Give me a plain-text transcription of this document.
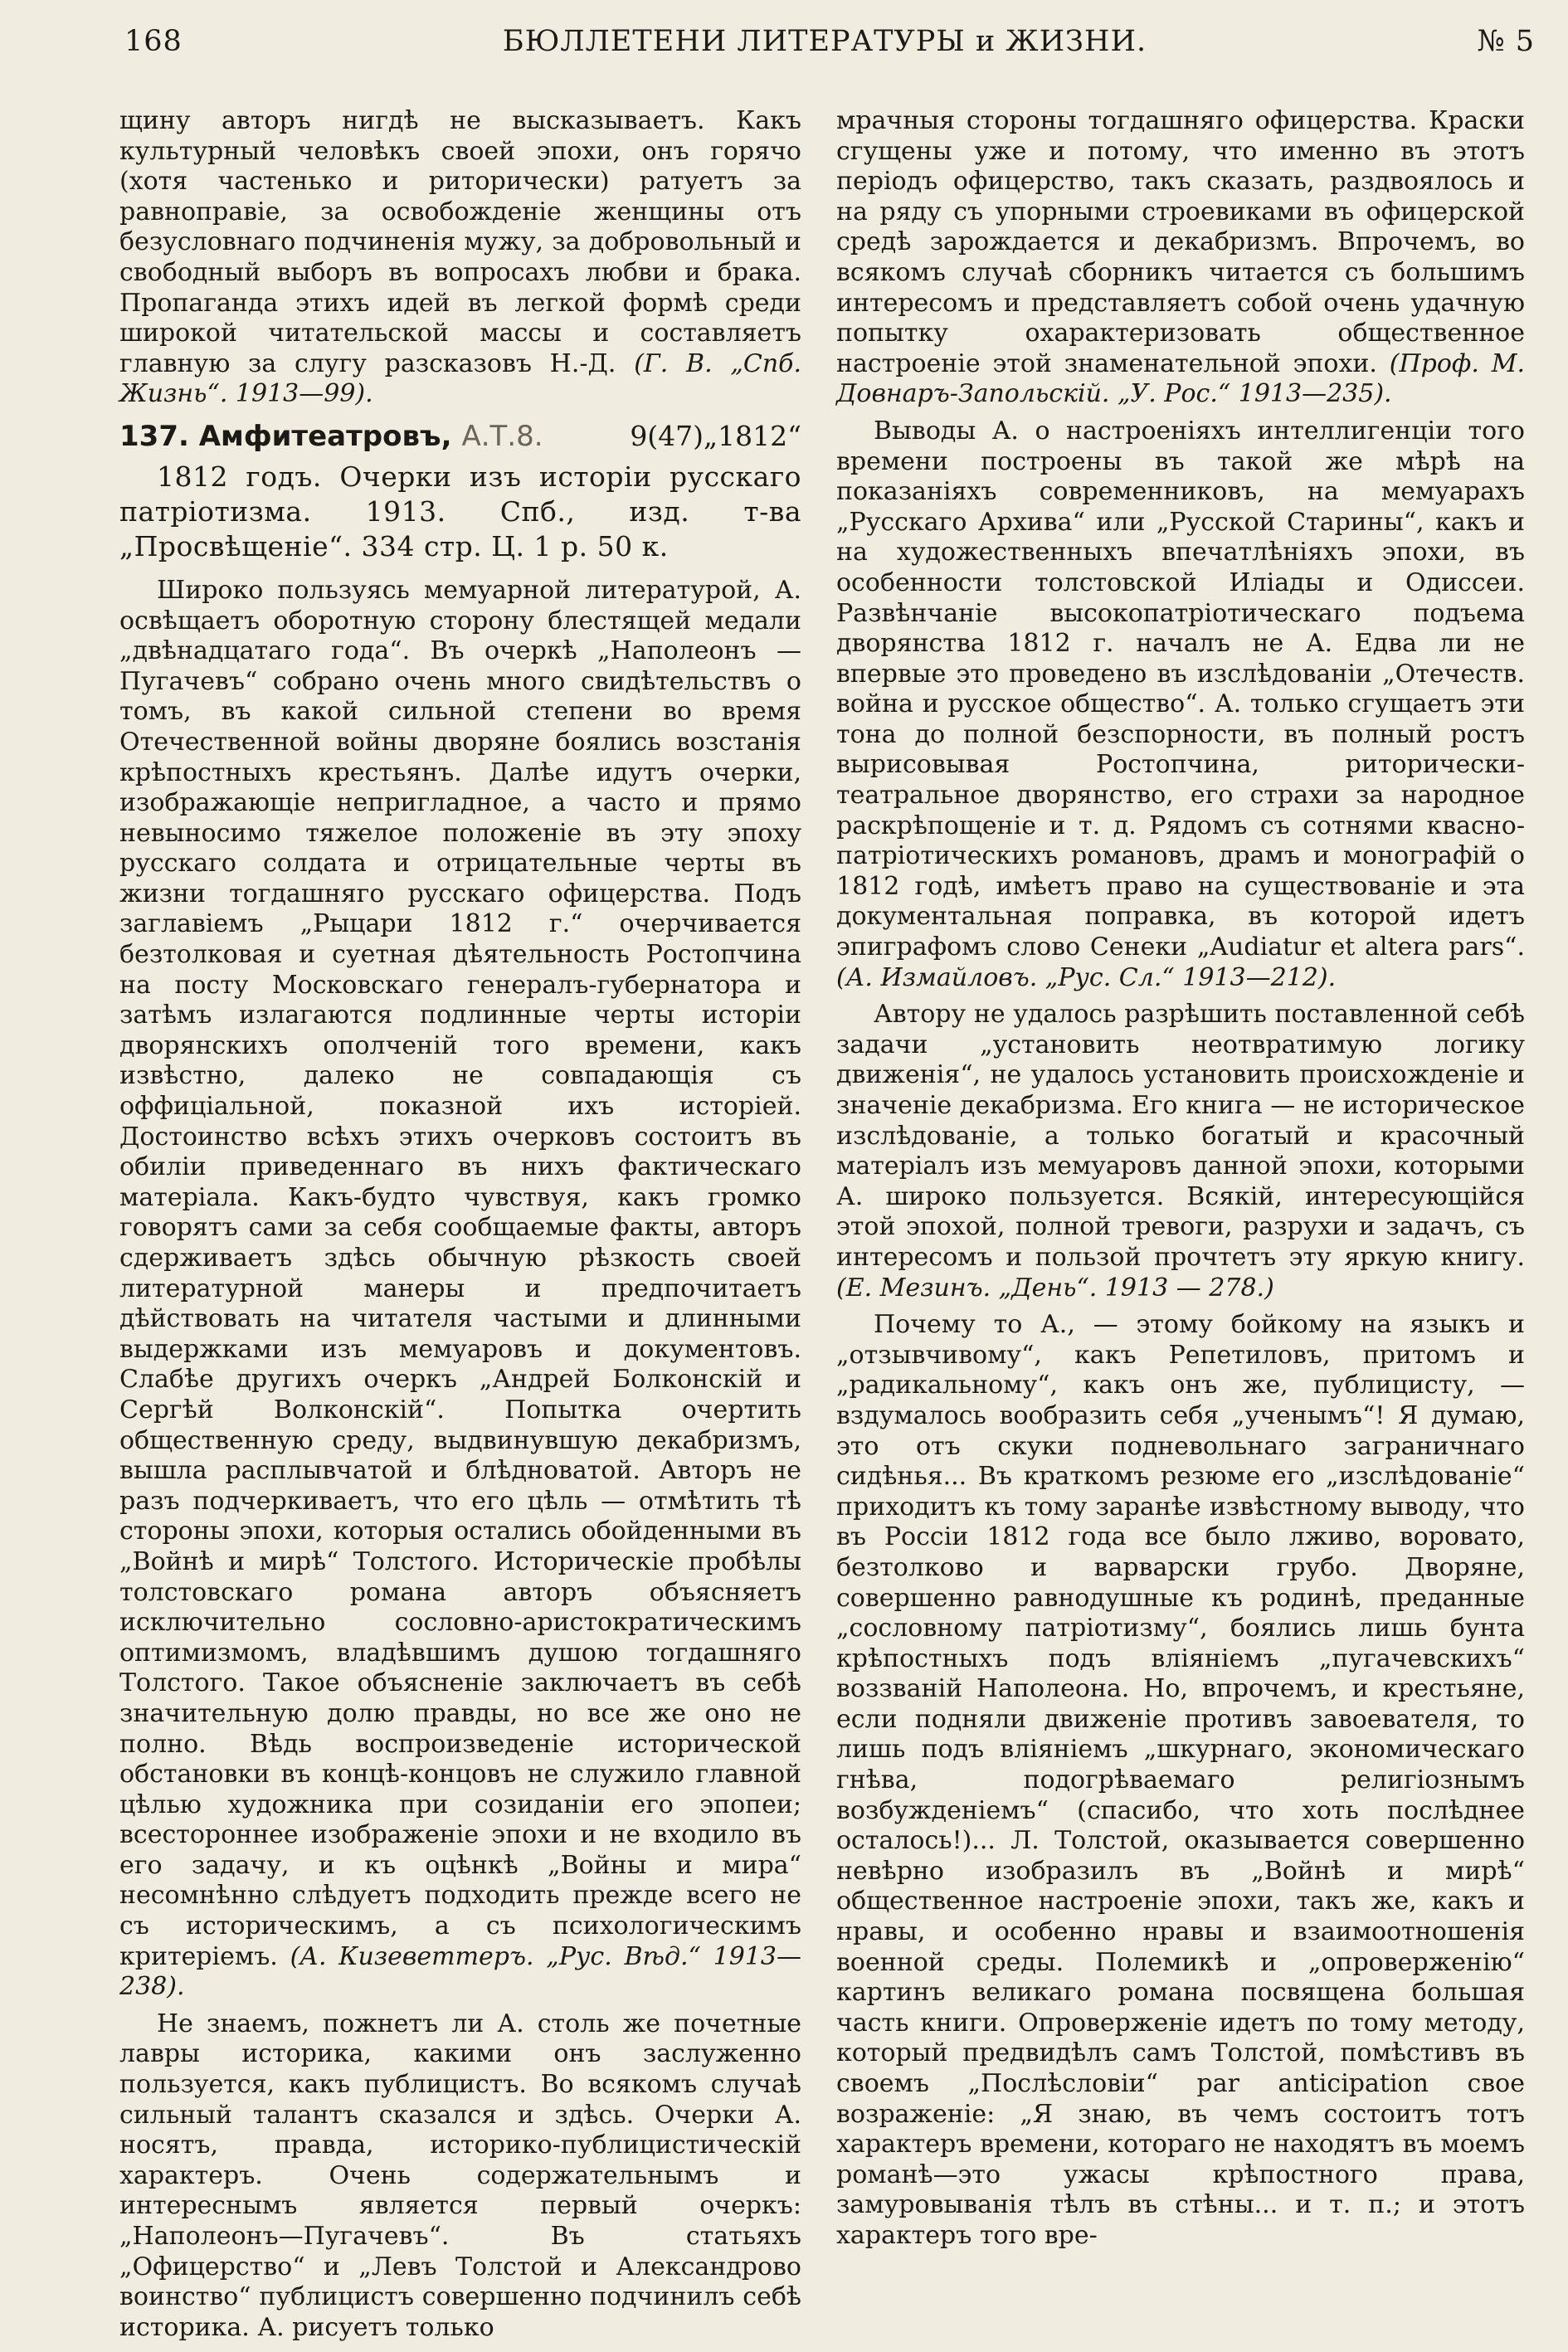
168	БЮЛЛЕТЕНИ ЛИТЕРАТУРЫ и ЖИЗНИ.	№ 5

щину авторъ нигдѣ не высказываетъ. Какъ культурный человѣкъ своей эпохи, онъ горячо (хотя частенько и риторически) ратуетъ за равноправіе, за освобожденіе женщины отъ безусловнаго подчиненія мужу, за добровольный и свободный выборъ въ вопросахъ любви и брака. Пропаганда этихъ идей въ легкой формѣ среди широкой читательской массы и составляетъ главную за слугу разсказовъ Н.-Д. (Г. В. „Спб. Жизнь“. 1913—99).

137. Амфитеатровъ, А.Т.8.	9(47)„1812“

1812 годъ. Очерки изъ исторіи русскаго патріотизма. 1913. Спб., изд. т-ва „Просвѣщеніе“. 334 стр. Ц. 1 р. 50 к.

Широко пользуясь мемуарной литературой, А. освѣщаетъ оборотную сторону блестящей медали „двѣнадцатаго года“. Въ очеркѣ „Наполеонъ — Пугачевъ“ собрано очень много свидѣтельствъ о томъ, въ какой сильной степени во время Отечественной войны дворяне боялись возстанія крѣпостныхъ крестьянъ. Далѣе идутъ очерки, изображающіе непригладное, а часто и прямо невыносимо тяжелое положеніе въ эту эпоху русскаго солдата и отрицательные черты въ жизни тогдашняго русскаго офицерства. Подъ заглавіемъ „Рыцари 1812 г.“ очерчивается безтолковая и суетная дѣятельность Ростопчина на посту Московскаго генералъ-губернатора и затѣмъ излагаются подлинные черты исторіи дворянскихъ ополченій того времени, какъ извѣстно, далеко не совпадающія съ оффиціальной, показной ихъ исторіей. Достоинство всѣхъ этихъ очерковъ состоитъ въ обиліи приведеннаго въ нихъ фактическаго матеріала. Какъ-будто чувствуя, какъ громко говорятъ сами за себя сообщаемые факты, авторъ сдерживаетъ здѣсь обычную рѣзкость своей литературной манеры и предпочитаетъ дѣйствовать на читателя частыми и длинными выдержками изъ мемуаровъ и документовъ. Слабѣе другихъ очеркъ „Андрей Болконскій и Сергѣй Волконскій“. Попытка очертить общественную среду, выдвинувшую декабризмъ, вышла расплывчатой и блѣдноватой. Авторъ не разъ подчеркиваетъ, что его цѣль — отмѣтить тѣ стороны эпохи, которыя остались обойденными въ „Войнѣ и мирѣ“ Толстого. Историческіе пробѣлы толстовскаго романа авторъ объясняетъ исключительно сословно-аристократическимъ оптимизмомъ, владѣвшимъ душою тогдашняго Толстого. Такое объясненіе заключаетъ въ себѣ значительную долю правды, но все же оно не полно. Вѣдь воспроизведеніе исторической обстановки въ концѣ-концовъ не служило главной цѣлью художника при созиданіи его эпопеи; всестороннее изображеніе эпохи и не входило въ его задачу, и къ оцѣнкѣ „Войны и мира“ несомнѣнно слѣдуетъ подходить прежде всего не съ историческимъ, а съ психологическимъ критеріемъ. (А. Кизеветтеръ. „Рус. Вѣд.“ 1913—238).

Не знаемъ, пожнетъ ли А. столь же почетные лавры историка, какими онъ заслуженно пользуется, какъ публицистъ. Во всякомъ случаѣ сильный талантъ сказался и здѣсь. Очерки А. носятъ, правда, историко-публицистическій характеръ. Очень содержательнымъ и интереснымъ является первый очеркъ: „Наполеонъ—Пугачевъ“. Въ статьяхъ „Офицерство“ и „Левъ Толстой и Александрово воинство“ публицистъ совершенно подчинилъ себѣ историка. А. рисуетъ только

мрачныя стороны тогдашняго офицерства. Краски сгущены уже и потому, что именно въ этотъ періодъ офицерство, такъ сказать, раздвоялось и на ряду съ упорными строевиками въ офицерской средѣ зарождается и декабризмъ. Впрочемъ, во всякомъ случаѣ сборникъ читается съ большимъ интересомъ и представляетъ собой очень удачную попытку охарактеризовать общественное настроеніе этой знаменательной эпохи. (Проф. М. Довнаръ-Запольскій. „У. Рос.“ 1913—235).

Выводы А. о настроеніяхъ интеллигенціи того времени построены въ такой же мѣрѣ на показаніяхъ современниковъ, на мемуарахъ „Русскаго Архива“ или „Русской Старины“, какъ и на художественныхъ впечатлѣніяхъ эпохи, въ особенности толстовской Иліады и Одиссеи. Развѣнчаніе высокопатріотическаго подъема дворянства 1812 г. началъ не А. Едва ли не впервые это проведено въ изслѣдованіи „Отечеств. война и русское общество“. А. только сгущаетъ эти тона до полной безспорности, въ полный ростъ вырисовывая Ростопчина, риторически-театральное дворянство, его страхи за народное раскрѣпощеніе и т. д. Рядомъ съ сотнями квасно-патріотическихъ романовъ, драмъ и монографій о 1812 годѣ, имѣетъ право на существованіе и эта документальная поправка, въ которой идетъ эпиграфомъ слово Сенеки „Audiatur et altera pars“. (А. Измайловъ. „Рус. Сл.“ 1913—212).

Автору не удалось разрѣшить поставленной себѣ задачи „установить неотвратимую логику движенія“, не удалось установить происхожденіе и значеніе декабризма. Его книга — не историческое изслѣдованіе, а только богатый и красочный матеріалъ изъ мемуаровъ данной эпохи, которыми А. широко пользуется. Всякій, интересующійся этой эпохой, полной тревоги, разрухи и задачъ, съ интересомъ и пользой прочтетъ эту яркую книгу. (Е. Мезинъ. „День“. 1913 — 278.)

Почему то А., — этому бойкому на языкъ и „отзывчивому“, какъ Репетиловъ, притомъ и „радикальному“, какъ онъ же, публицисту, — вздумалось вообразить себя „ученымъ“! Я думаю, это отъ скуки подневольнаго заграничнаго сидѣнья... Въ краткомъ резюме его „изслѣдованіе“ приходитъ къ тому заранѣе извѣстному выводу, что въ Россіи 1812 года все было лживо, воровато, безтолково и варварски грубо. Дворяне, совершенно равнодушные къ родинѣ, преданные „сословному патріотизму“, боялись лишь бунта крѣпостныхъ подъ вліяніемъ „пугачевскихъ“ воззваній Наполеона. Но, впрочемъ, и крестьяне, если подняли движеніе противъ завоевателя, то лишь подъ вліяніемъ „шкурнаго, экономическаго гнѣва, подогрѣваемаго религіознымъ возбужденіемъ“ (спасибо, что хоть послѣднее осталось!)... Л. Толстой, оказывается совершенно невѣрно изобразилъ въ „Войнѣ и мирѣ“ общественное настроеніе эпохи, такъ же, какъ и нравы, и особенно нравы и взаимоотношенія военной среды. Полемикѣ и „опроверженію“ картинъ великаго романа посвящена большая часть книги. Опроверженіе идетъ по тому методу, который предвидѣлъ самъ Толстой, помѣстивъ въ своемъ „Послѣсловіи“ par anticipation свое возраженіе: „Я знаю, въ чемъ состоитъ тотъ характеръ времени, котораго не находятъ въ моемъ романѣ—это ужасы крѣпостного права, замуровыванія тѣлъ въ стѣны... и т. п.; и этотъ характеръ того вре-
